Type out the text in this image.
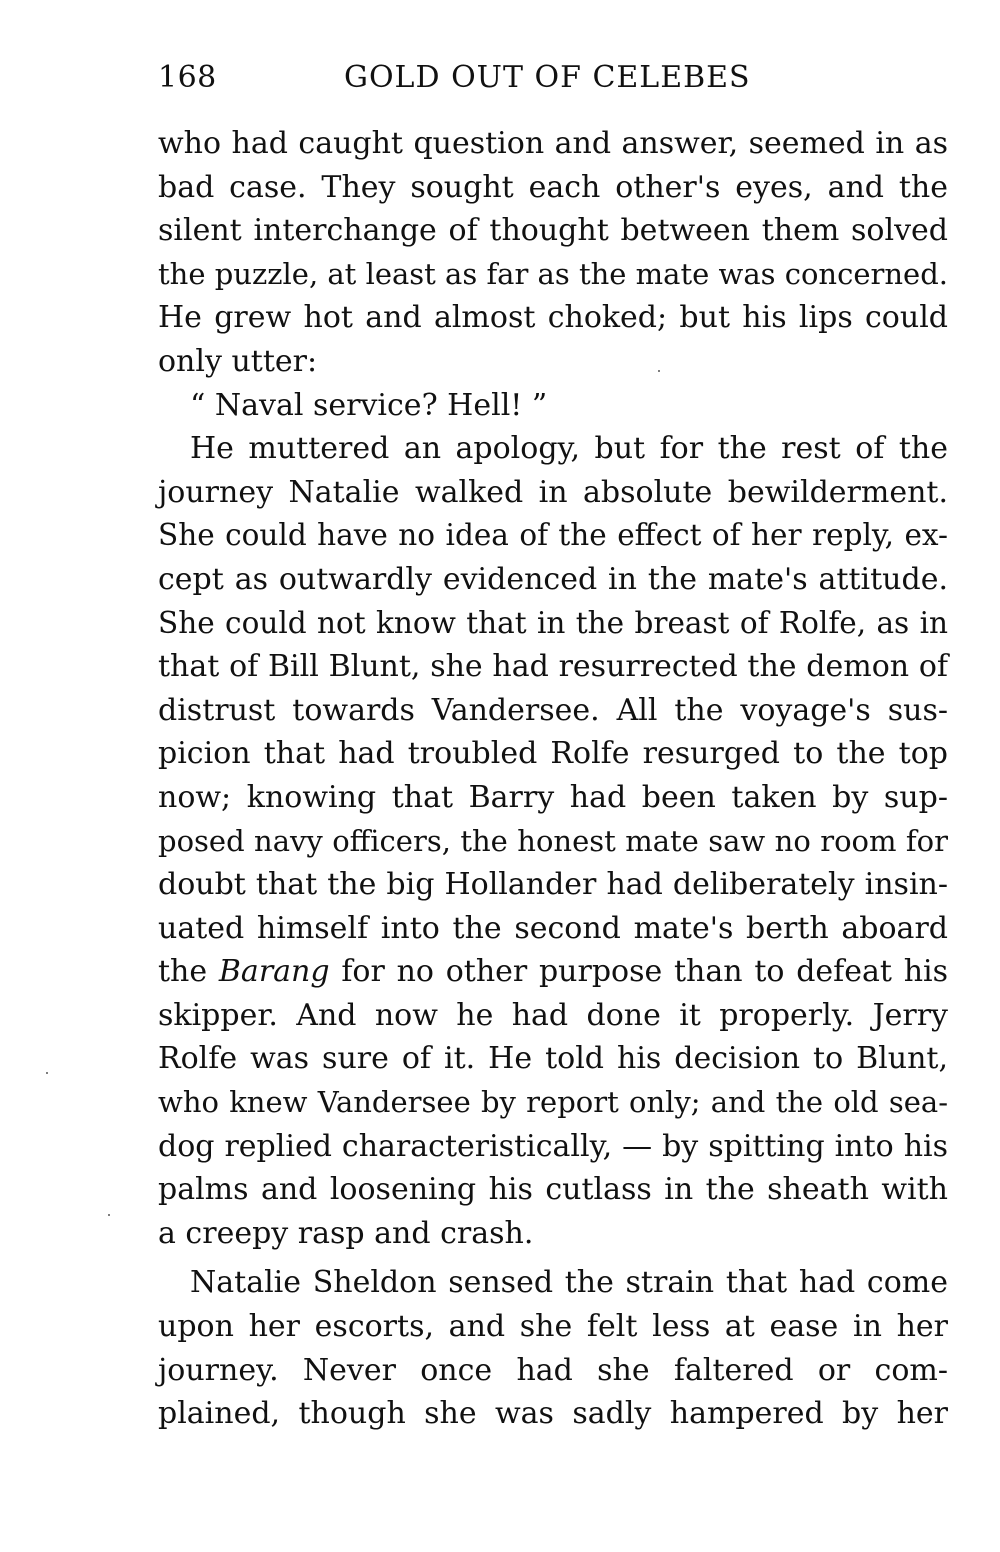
168	GOLD OUT OF CELEBES
who had caught question and answer, seemed in as
bad case. They sought each other's eyes, and the
silent interchange of thought between them solved
the puzzle, at least as far as the mate was concerned.
He grew hot and almost choked; but his lips could
only utter:
“ Naval service? Hell! ”
He muttered an apology, but for the rest of the
journey Natalie walked in absolute bewilderment.
She could have no idea of the effect of her reply, ex-
cept as outwardly evidenced in the mate's attitude.
She could not know that in the breast of Rolfe, as in
that of Bill Blunt, she had resurrected the demon of
distrust towards Vandersee. All the voyage's sus-
picion that had troubled Rolfe resurged to the top
now; knowing that Barry had been taken by sup-
posed navy officers, the honest mate saw no room for
doubt that the big Hollander had deliberately insin-
uated himself into the second mate's berth aboard
the Barang for no other purpose than to defeat his
skipper. And now he had done it properly. Jerry
Rolfe was sure of it. He told his decision to Blunt,
who knew Vandersee by report only; and the old sea-
dog replied characteristically, — by spitting into his
palms and loosening his cutlass in the sheath with
a creepy rasp and crash.
Natalie Sheldon sensed the strain that had come
upon her escorts, and she felt less at ease in her
journey. Never once had she faltered or com-
plained, though she was sadly hampered by her
